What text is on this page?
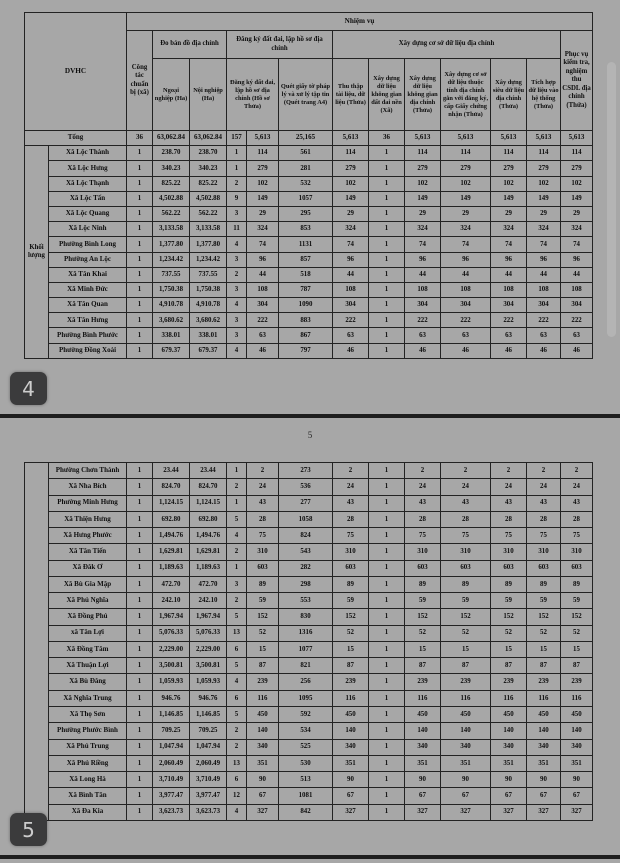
DVHC		Nhiệm vụ												
		Công tác chuẩn bị (xã)	Đo bản đồ địa chính		Đăng ký đất đai, lập hồ sơ địa chính			Xây dựng cơ sở dữ liệu địa chính						Phục vụ kiểm tra, nghiệm thu CSDL địa chính (Thửa)
			Ngoại nghiệp (Ha)	Nội nghiệp (Ha)	Đăng ký đất đai, lập hồ sơ địa chính (Hồ sơ Thửa)		Quét giấy tờ pháp lý và xử lý tập tin (Quét trang A4)	Thu thập tài liệu, dữ liệu (Thửa)	Xây dựng dữ liệu không gian đất đai nền (Xã)	Xây dựng dữ liệu không gian địa chính (Thửa)	Xây dựng cơ sở dữ liệu thuộc tính địa chính gắn với đăng ký, cấp Giấy chứng nhận (Thửa)	Xây dựng siêu dữ liệu địa chính (Thửa)	Tích hợp dữ liệu vào hệ thống (Thửa)	
Tổng		36	63,062.84	63,062.84	157	5,613	25,165	5,613	36	5,613	5,613	5,613	5,613	5,613
Khối lượng	Xã Lộc Thành	1	238.70	238.70	1	114	561	114	1	114	114	114	114	114
	Xã Lộc Hưng	1	340.23	340.23	1	279	281	279	1	279	279	279	279	279
	Xã Lộc Thạnh	1	825.22	825.22	2	102	532	102	1	102	102	102	102	102
	Xã Lộc Tấn	1	4,502.88	4,502.88	9	149	1057	149	1	149	149	149	149	149
	Xã Lộc Quang	1	562.22	562.22	3	29	295	29	1	29	29	29	29	29
	Xã Lộc Ninh	1	3,133.58	3,133.58	11	324	853	324	1	324	324	324	324	324
	Phường Bình Long	1	1,377.80	1,377.80	4	74	1131	74	1	74	74	74	74	74
	Phường An Lộc	1	1,234.42	1,234.42	3	96	857	96	1	96	96	96	96	96
	Xã Tân Khai	1	737.55	737.55	2	44	518	44	1	44	44	44	44	44
	Xã Minh Đức	1	1,750.38	1,750.38	3	108	787	108	1	108	108	108	108	108
	Xã Tân Quan	1	4,910.78	4,910.78	4	304	1090	304	1	304	304	304	304	304
	Xã Tân Hưng	1	3,680.62	3,680.62	3	222	883	222	1	222	222	222	222	222
	Phường Bình Phước	1	338.01	338.01	3	63	867	63	1	63	63	63	63	63
	Phường Đồng Xoài	1	679.37	679.37	4	46	797	46	1	46	46	46	46	46
4
5
	Phường Chơn Thành	1	23.44	23.44	1	2	273	2	1	2	2	2	2	2
	Xã Nha Bích	1	824.70	824.70	2	24	536	24	1	24	24	24	24	24
	Phường Minh Hưng	1	1,124.15	1,124.15	1	43	277	43	1	43	43	43	43	43
	Xã Thiện Hưng	1	692.80	692.80	5	28	1058	28	1	28	28	28	28	28
	Xã Hưng Phước	1	1,494.76	1,494.76	4	75	824	75	1	75	75	75	75	75
	Xã Tân Tiến	1	1,629.81	1,629.81	2	310	543	310	1	310	310	310	310	310
	Xã Đăk Ơ	1	1,189.63	1,189.63	1	603	282	603	1	603	603	603	603	603
	Xã Bù Gia Mập	1	472.70	472.70	3	89	298	89	1	89	89	89	89	89
	Xã Phú Nghĩa	1	242.10	242.10	2	59	553	59	1	59	59	59	59	59
	Xã Đồng Phú	1	1,967.94	1,967.94	5	152	830	152	1	152	152	152	152	152
	xã Tân Lợi	1	5,076.33	5,076.33	13	52	1316	52	1	52	52	52	52	52
	Xã Đồng Tâm	1	2,229.00	2,229.00	6	15	1077	15	1	15	15	15	15	15
	Xã Thuận Lợi	1	3,500.81	3,500.81	5	87	821	87	1	87	87	87	87	87
	Xã Bù Đăng	1	1,059.93	1,059.93	4	239	256	239	1	239	239	239	239	239
	Xã Nghĩa Trung	1	946.76	946.76	6	116	1095	116	1	116	116	116	116	116
	Xã Thọ Sơn	1	1,146.85	1,146.85	5	450	592	450	1	450	450	450	450	450
	Phường Phước Bình	1	709.25	709.25	2	140	534	140	1	140	140	140	140	140
	Xã Phú Trung	1	1,047.94	1,047.94	2	340	525	340	1	340	340	340	340	340
	Xã Phú Riềng	1	2,060.49	2,060.49	13	351	530	351	1	351	351	351	351	351
	Xã Long Hà	1	3,710.49	3,710.49	6	90	513	90	1	90	90	90	90	90
	Xã Bình Tân	1	3,977.47	3,977.47	12	67	1081	67	1	67	67	67	67	67
	Xã Đa Kia	1	3,623.73	3,623.73	4	327	842	327	1	327	327	327	327	327
5
